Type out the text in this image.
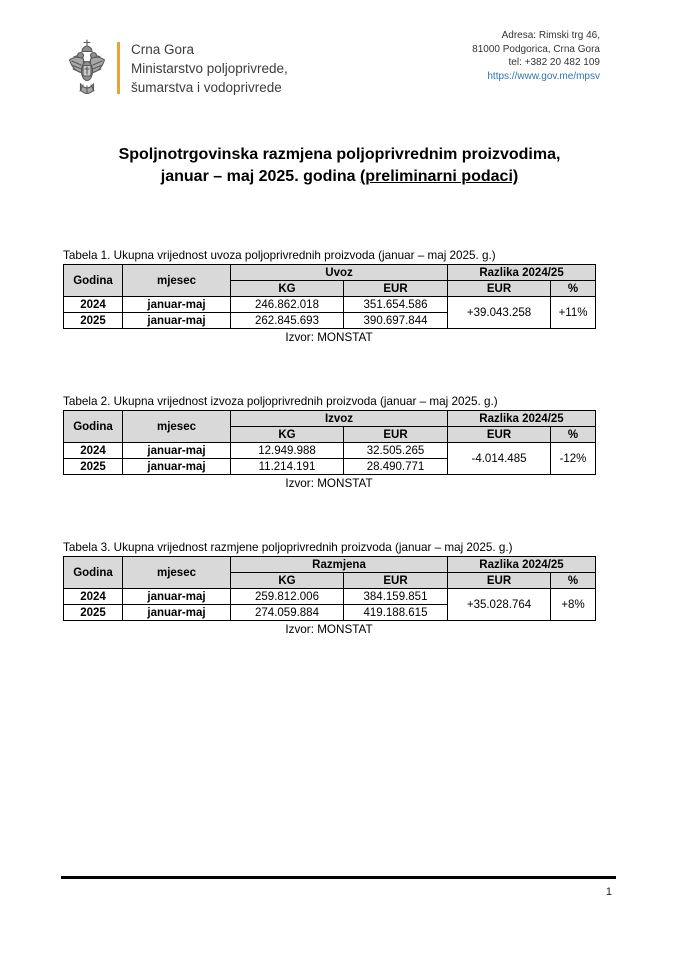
Crna Gora
Ministarstvo poljoprivrede,
šumarstva i vodoprivrede
Adresa: Rimski trg 46,
81000 Podgorica, Crna Gora
tel: +382 20 482 109
https://www.gov.me/mpsv
Spoljnotrgovinska razmjena poljoprivrednim proizvodima,
januar – maj 2025. godina (preliminarni podaci)
Tabela 1. Ukupna vrijednost uvoza poljoprivrednih proizvoda (januar – maj 2025. g.)
Godina	mjesec	Uvoz		Razlika 2024/25	
		KG	EUR	EUR	%
2024	januar-maj	246.862.018	351.654.586	+39.043.258	+11%
2025	januar-maj	262.845.693	390.697.844		
Izvor: MONSTAT
Tabela 2. Ukupna vrijednost izvoza poljoprivrednih proizvoda (januar – maj 2025. g.)
Godina	mjesec	Izvoz		Razlika 2024/25	
		KG	EUR	EUR	%
2024	januar-maj	12.949.988	32.505.265	-4.014.485	-12%
2025	januar-maj	11.214.191	28.490.771		
Izvor: MONSTAT
Tabela 3. Ukupna vrijednost razmjene poljoprivrednih proizvoda (januar – maj 2025. g.)
Godina	mjesec	Razmjena		Razlika 2024/25	
		KG	EUR	EUR	%
2024	januar-maj	259.812.006	384.159.851	+35.028.764	+8%
2025	januar-maj	274.059.884	419.188.615		
Izvor: MONSTAT
1
